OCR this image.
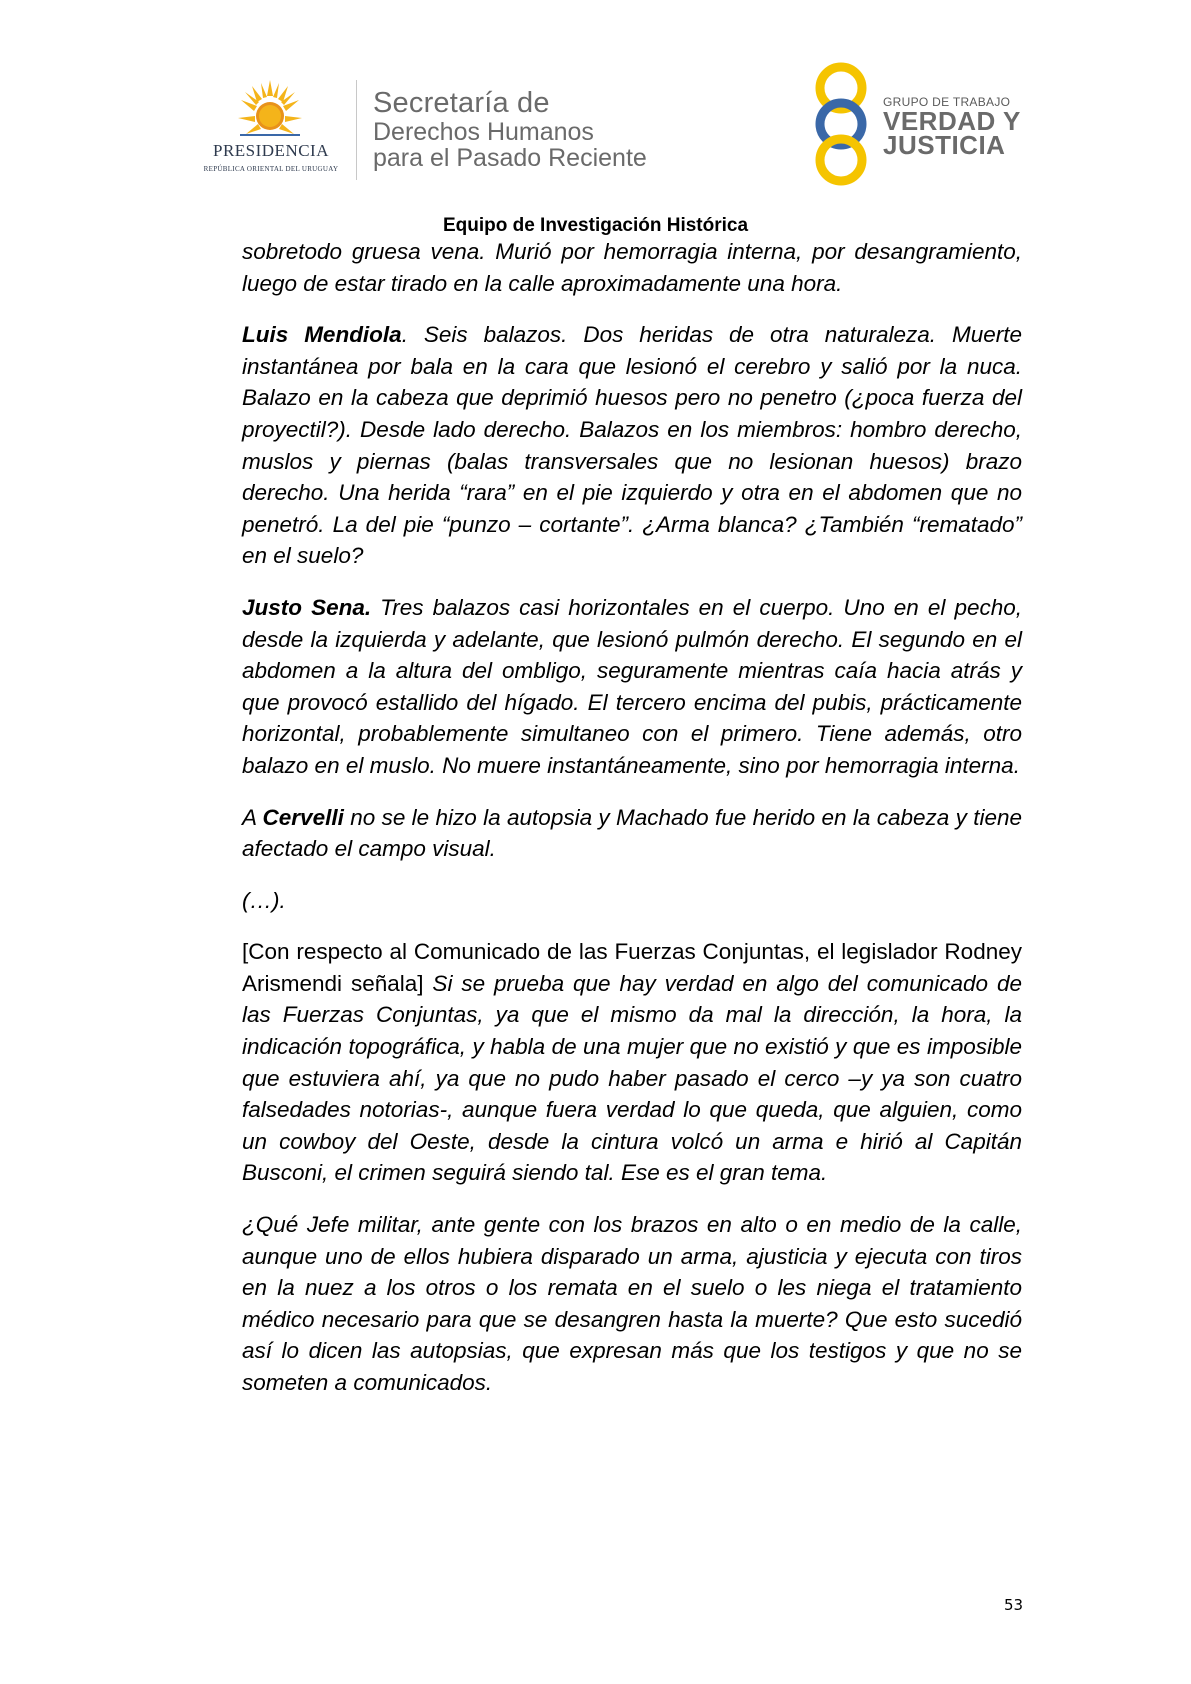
PRESIDENCIA
REPÚBLICA ORIENTAL DEL URUGUAY
Secretaría de
Derechos Humanos
para el Pasado Reciente
GRUPO DE TRABAJO
VERDAD Y
JUSTICIA
Equipo de Investigación Histórica

sobretodo gruesa vena. Murió por hemorragia interna, por desangramiento, luego de estar tirado en la calle aproximadamente una hora.

Luis Mendiola. Seis balazos. Dos heridas de otra naturaleza. Muerte instantánea por bala en la cara que lesionó el cerebro y salió por la nuca. Balazo en la cabeza que deprimió huesos pero no penetro (¿poca fuerza del proyectil?). Desde lado derecho. Balazos en los miembros: hombro derecho, muslos y piernas (balas transversales que no lesionan huesos) brazo derecho. Una herida “rara” en el pie izquierdo y otra en el abdomen que no penetró. La del pie “punzo – cortante”. ¿Arma blanca? ¿También “rematado” en el suelo?

Justo Sena. Tres balazos casi horizontales en el cuerpo. Uno en el pecho, desde la izquierda y adelante, que lesionó pulmón derecho. El segundo en el abdomen a la altura del ombligo, seguramente mientras caía hacia atrás y que provocó estallido del hígado. El tercero encima del pubis, prácticamente horizontal, probablemente simultaneo con el primero. Tiene además, otro balazo en el muslo. No muere instantáneamente, sino por hemorragia interna.

A Cervelli no se le hizo la autopsia y Machado fue herido en la cabeza y tiene afectado el campo visual.

(…).

[Con respecto al Comunicado de las Fuerzas Conjuntas, el legislador Rodney Arismendi señala] Si se prueba que hay verdad en algo del comunicado de las Fuerzas Conjuntas, ya que el mismo da mal la dirección, la hora, la indicación topográfica, y habla de una mujer que no existió y que es imposible que estuviera ahí, ya que no pudo haber pasado el cerco –y ya son cuatro falsedades notorias-, aunque fuera verdad lo que queda, que alguien, como un cowboy del Oeste, desde la cintura volcó un arma e hirió al Capitán Busconi, el crimen seguirá siendo tal. Ese es el gran tema.

¿Qué Jefe militar, ante gente con los brazos en alto o en medio de la calle, aunque uno de ellos hubiera disparado un arma, ajusticia y ejecuta con tiros en la nuez a los otros o los remata en el suelo o les niega el tratamiento médico necesario para que se desangren hasta la muerte? Que esto sucedió así lo dicen las autopsias, que expresan más que los testigos y que no se someten a comunicados.

53
